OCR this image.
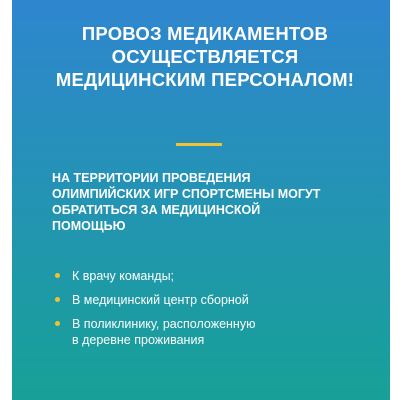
ПРОВОЗ МЕДИКАМЕНТОВ
ОСУЩЕСТВЛЯЕТСЯ
МЕДИЦИНСКИМ ПЕРСОНАЛОМ!

НА ТЕРРИТОРИИ ПРОВЕДЕНИЯ
ОЛИМПИЙСКИХ ИГР СПОРТСМЕНЫ МОГУТ
ОБРАТИТЬСЯ ЗА МЕДИЦИНСКОЙ
ПОМОЩЬЮ

К врачу команды;
В медицинский центр сборной
В поликлинику, расположенную
в деревне проживания
